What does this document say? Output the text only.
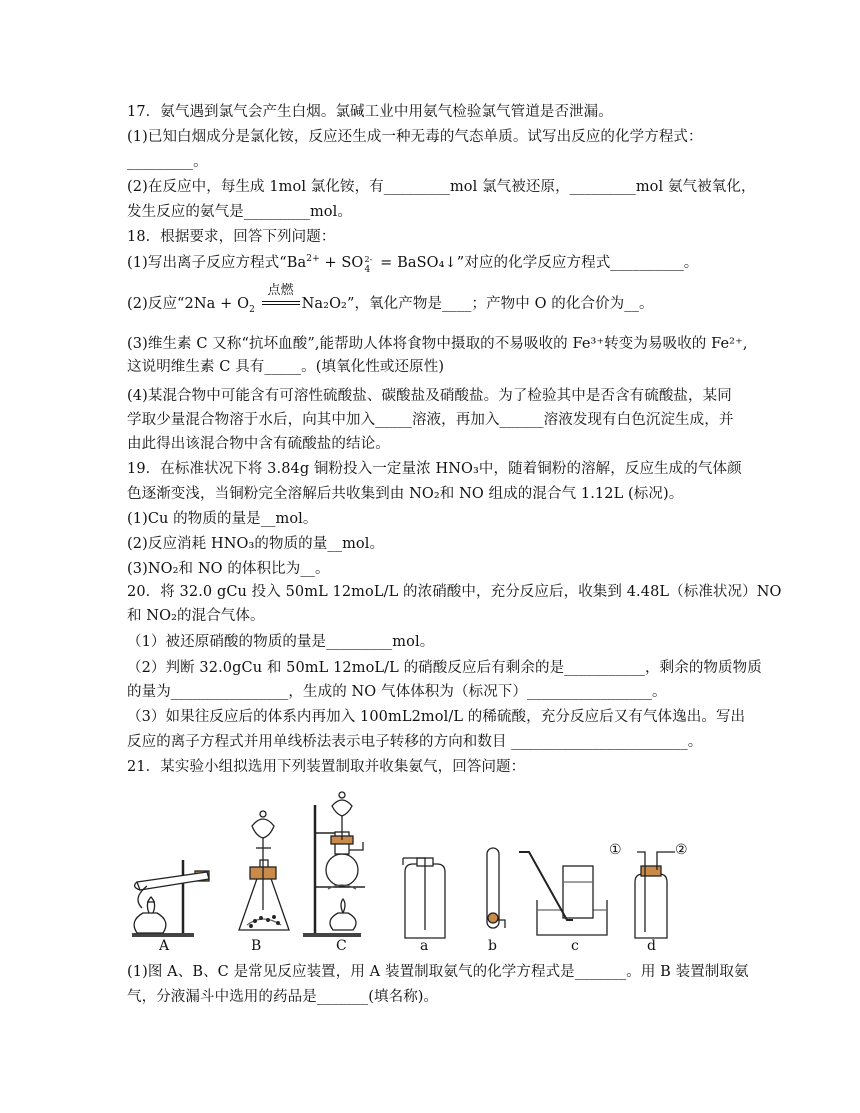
17．氨气遇到氯气会产生白烟。氯碱工业中用氨气检验氯气管道是否泄漏。
(1)已知白烟成分是氯化铵，反应还生成一种无毒的气态单质。试写出反应的化学方程式：
_________。
(2)在反应中，每生成 1mol 氯化铵，有_________mol 氯气被还原，_________mol 氨气被氧化，
发生反应的氨气是_________mol。
18．根据要求，回答下列问题：
(1)写出离子反应方程式“$Ba^{2+}$ + SO 2-
4 = BaSO₄↓”对应的化学反应方程式__________。
(2)反应“$2Na + O_2$
点燃
Na₂O₂”，氧化产物是____；产物中 O 的化合价为__。
(3)维生素 C 又称“抗坏血酸”,能帮助人体将食物中摄取的不易吸收的 Fe³⁺转变为易吸收的 Fe²⁺,
这说明维生素 C 具有_____。(填氧化性或还原性)
(4)某混合物中可能含有可溶性硫酸盐、碳酸盐及硝酸盐。为了检验其中是否含有硫酸盐，某同
学取少量混合物溶于水后，向其中加入_____溶液，再加入______溶液发现有白色沉淀生成，并
由此得出该混合物中含有硫酸盐的结论。
19．在标准状况下将 3.84g 铜粉投入一定量浓 HNO₃中，随着铜粉的溶解，反应生成的气体颜
色逐渐变浅，当铜粉完全溶解后共收集到由 NO₂和 NO 组成的混合气 1.12L (标况)。
(1)Cu 的物质的量是__mol。
(2)反应消耗 HNO₃的物质的量__mol。
(3)NO₂和 NO 的体积比为__。
20．将 32.0 gCu 投入 50mL 12moL/L 的浓硝酸中，充分反应后，收集到 4.48L（标准状况）NO
和 NO₂的混合气体。
（1）被还原硝酸的物质的量是_________mol。
（2）判断 32.0gCu 和 50mL 12moL/L 的硝酸反应后有剩余的是___________，剩余的物质物质
的量为________________，生成的 NO 气体体积为（标况下）_________________。
（3）如果往反应后的体系内再加入 100mL2mol/L 的稀硫酸，充分反应后又有气体逸出。写出
反应的离子方程式并用单线桥法表示电子转移的方向和数目 ________________________。
21．某实验小组拟选用下列装置制取并收集氨气，回答问题：
A	B	C	a	b	c	d
①	②
(1)图 A、B、C 是常见反应装置，用 A 装置制取氨气的化学方程式是_______。用 B 装置制取氨
气，分液漏斗中选用的药品是_______(填名称)。
